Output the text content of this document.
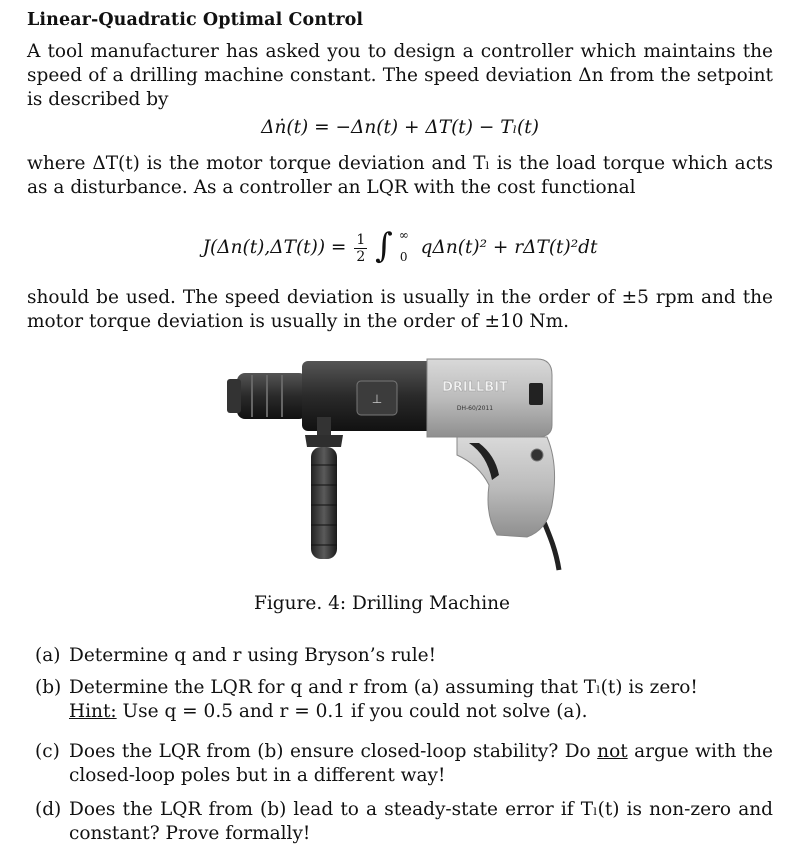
Linear-Quadratic Optimal Control
A tool manufacturer has asked you to design a controller which maintains the speed of a drilling machine constant. The speed deviation Δn from the setpoint is described by
Δṅ(t) = −Δn(t) + ΔT(t) − Tₗ(t)
where ΔT(t) is the motor torque deviation and Tₗ is the load torque which acts as a disturbance. As a controller an LQR with the cost functional
$J(\Delta n(t),\Delta T(t)) = \frac{1}{2}$ ∫ ∞
0 qΔn(t)² + rΔT(t)²dt
should be used. The speed deviation is usually in the order of ±5 rpm and the motor torque deviation is usually in the order of ±10 Nm.
⊥
DRILLBIT
DH-60/2011
Figure. 4: Drilling Machine
(a) Determine q and r using Bryson’s rule!
(b) Determine the LQR for q and r from (a) assuming that Tₗ(t) is zero!
Hint: Use q = 0.5 and r = 0.1 if you could not solve (a).
(c) Does the LQR from (b) ensure closed-loop stability? Do not argue with the closed-loop poles but in a different way!
(d) Does the LQR from (b) lead to a steady-state error if Tₗ(t) is non-zero and constant? Prove formally!
